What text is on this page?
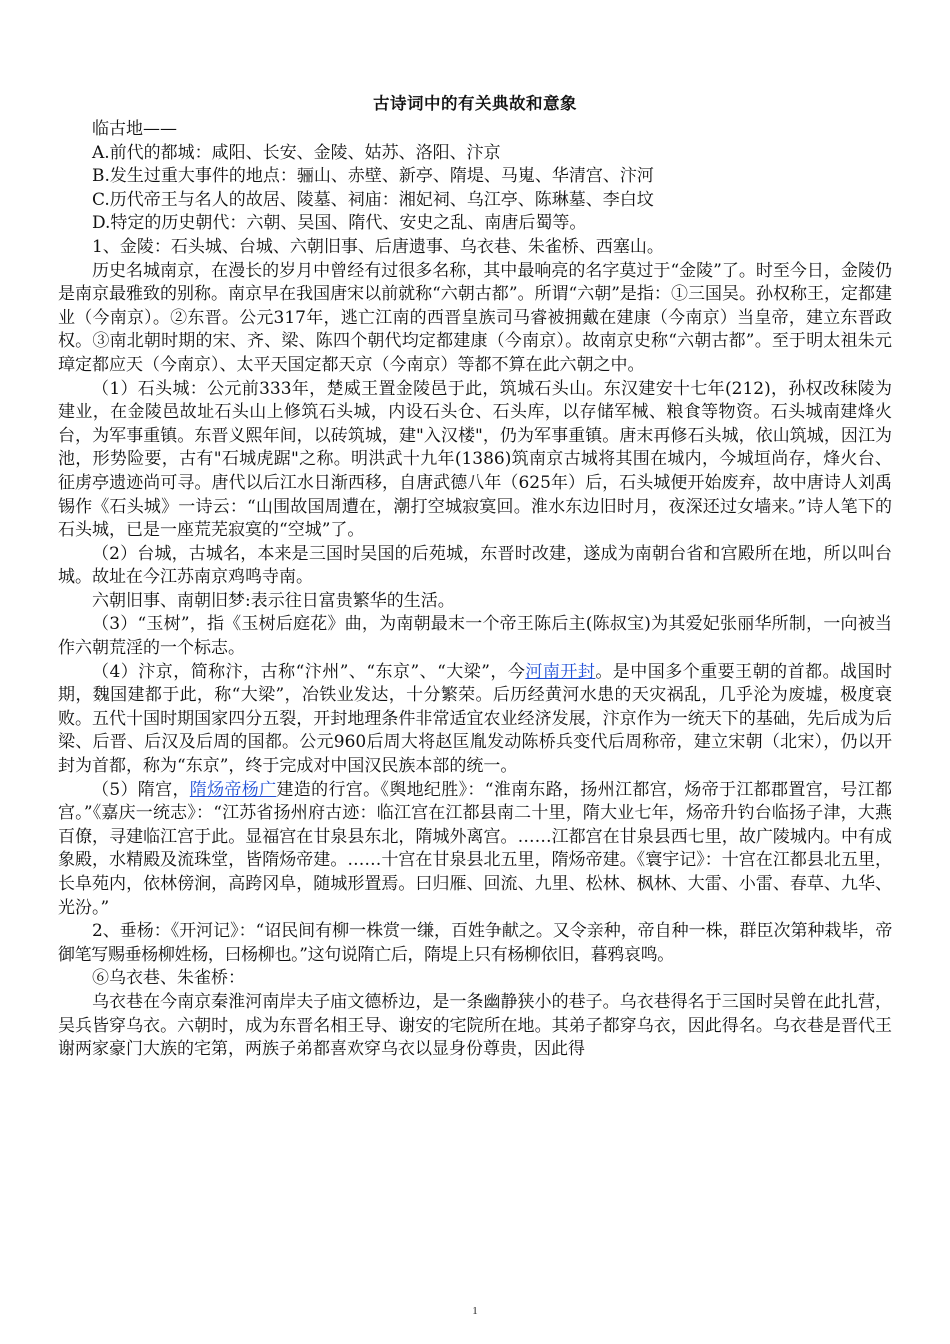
古诗词中的有关典故和意象

临古地——

A.前代的都城：咸阳、长安、金陵、姑苏、洛阳、汴京

B.发生过重大事件的地点：骊山、赤壁、新亭、隋堤、马嵬、华清宫、汴河

C.历代帝王与名人的故居、陵墓、祠庙：湘妃祠、乌江亭、陈琳墓、李白坟

D.特定的历史朝代：六朝、吴国、隋代、安史之乱、南唐后蜀等。

1、金陵：石头城、台城、六朝旧事、后唐遗事、乌衣巷、朱雀桥、西塞山。

历史名城南京，在漫长的岁月中曾经有过很多名称，其中最响亮的名字莫过于“金陵”了。时至今日，金陵仍是南京最雅致的别称。南京早在我国唐宋以前就称“六朝古都”。所谓“六朝”是指：①三国吴。孙权称王，定都建业（今南京）。②东晋。公元317年，逃亡江南的西晋皇族司马睿被拥戴在建康（今南京）当皇帝，建立东晋政权。③南北朝时期的宋、齐、梁、陈四个朝代均定都建康（今南京）。故南京史称“六朝古都”。至于明太祖朱元璋定都应天（今南京）、太平天国定都天京（今南京）等都不算在此六朝之中。

（1）石头城：公元前333年，楚威王置金陵邑于此，筑城石头山。东汉建安十七年(212)，孙权改秣陵为建业，在金陵邑故址石头山上修筑石头城，内设石头仓、石头库，以存储军械、粮食等物资。石头城南建烽火台，为军事重镇。东晋义熙年间，以砖筑城，建"入汉楼"，仍为军事重镇。唐末再修石头城，依山筑城，因江为池，形势险要，古有"石城虎踞"之称。明洪武十九年(1386)筑南京古城将其围在城内，今城垣尚存，烽火台、征虏亭遗迹尚可寻。唐代以后江水日渐西移，自唐武德八年（625年）后，石头城便开始废弃，故中唐诗人刘禹锡作《石头城》一诗云：“山围故国周遭在，潮打空城寂寞回。淮水东边旧时月，夜深还过女墙来。”诗人笔下的石头城，已是一座荒芜寂寞的“空城”了。

（2）台城，古城名，本来是三国时吴国的后苑城，东晋时改建，遂成为南朝台省和宫殿所在地，所以叫台城。故址在今江苏南京鸡鸣寺南。

六朝旧事、南朝旧梦:表示往日富贵繁华的生活。

（3）“玉树”，指《玉树后庭花》曲，为南朝最末一个帝王陈后主(陈叔宝)为其爱妃张丽华所制，一向被当作六朝荒淫的一个标志。

（4）汴京，简称汴，古称“汴州”、“东京”、“大梁”，今河南开封。是中国多个重要王朝的首都。战国时期，魏国建都于此，称“大梁”，冶铁业发达，十分繁荣。后历经黄河水患的天灾祸乱，几乎沦为废墟，极度衰败。五代十国时期国家四分五裂，开封地理条件非常适宜农业经济发展，汴京作为一统天下的基础，先后成为后梁、后晋、后汉及后周的国都。公元960后周大将赵匡胤发动陈桥兵变代后周称帝，建立宋朝（北宋），仍以开封为首都，称为“东京”，终于完成对中国汉民族本部的统一。

（5）隋宫，隋炀帝杨广建造的行宫。《舆地纪胜》：“淮南东路，扬州江都宫，炀帝于江都郡置宫，号江都宫。”《嘉庆一统志》：“江苏省扬州府古迹：临江宫在江都县南二十里，隋大业七年，炀帝升钓台临扬子津，大燕百僚，寻建临江宫于此。显福宫在甘泉县东北，隋城外离宫。……江都宫在甘泉县西七里，故广陵城内。中有成象殿，水精殿及流珠堂，皆隋炀帝建。……十宫在甘泉县北五里，隋炀帝建。《寰宇记》：十宫在江都县北五里，长阜苑内，依林傍涧，高跨冈阜，随城形置焉。曰归雁、回流、九里、松林、枫林、大雷、小雷、春草、九华、光汾。”

2、垂杨：《开河记》：“诏民间有柳一株赏一缣，百姓争献之。又令亲种，帝自种一株，群臣次第种栽毕，帝御笔写赐垂杨柳姓杨，曰杨柳也。”这句说隋亡后，隋堤上只有杨柳依旧，暮鸦哀鸣。

⑥乌衣巷、朱雀桥：

乌衣巷在今南京秦淮河南岸夫子庙文德桥边，是一条幽静狭小的巷子。乌衣巷得名于三国时吴曾在此扎营，吴兵皆穿乌衣。六朝时，成为东晋名相王导、谢安的宅院所在地。其弟子都穿乌衣，因此得名。乌衣巷是晋代王谢两家豪门大族的宅第，两族子弟都喜欢穿乌衣以显身份尊贵，因此得

1
